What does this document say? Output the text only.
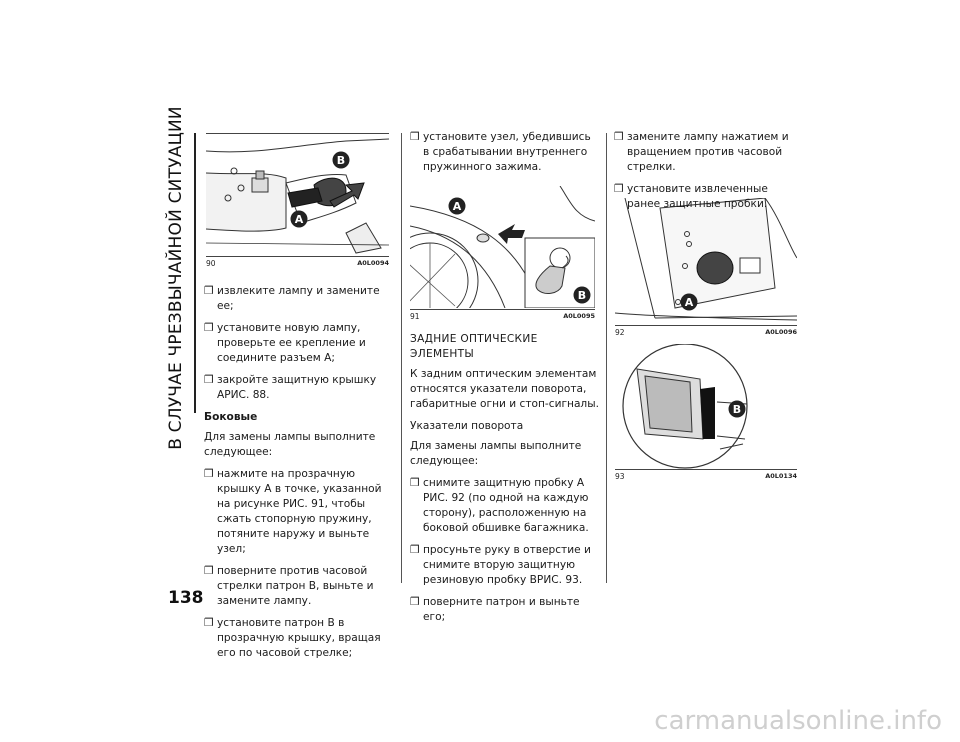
В СЛУЧАЕ ЧРЕЗВЫЧАЙНОЙ СИТУАЦИИ
138
B
A
90	A0L0094
A
B
91	A0L0095
A
92	A0L0096
B
93	A0L0134

❒ извлеките лампу и замените ее;

❒ установите новую лампу, проверьте ее крепление и соедините разъем A;

❒ закройте защитную крышку АРИС. 88.

Боковые

Для замены лампы выполните следующее:

❒ нажмите на прозрачную крышку A в точке, указанной на рисунке РИС. 91, чтобы сжать стопорную пружину, потяните наружу и выньте узел;

❒ поверните против часовой стрелки патрон B, выньте и замените лампу.

❒ установите патрон B в прозрачную крышку, вращая его по часовой стрелке;

❒ установите узел, убедившись в срабатывании внутреннего пружинного зажима.

ЗАДНИЕ ОПТИЧЕСКИЕ ЭЛЕМЕНТЫ

К задним оптическим элементам относятся указатели поворота, габаритные огни и стоп-сигналы.

Указатели поворота

Для замены лампы выполните следующее:

❒ снимите защитную пробку A РИС. 92 (по одной на каждую сторону), расположенную на боковой обшивке багажника.

❒ просуньте руку в отверстие и снимите вторую защитную резиновую пробку BРИС. 93.

❒ поверните патрон и выньте его;

❒ замените лампу нажатием и вращением против часовой стрелки.

❒ установите извлеченные ранее защитные пробки.

carmanualsonline.info
